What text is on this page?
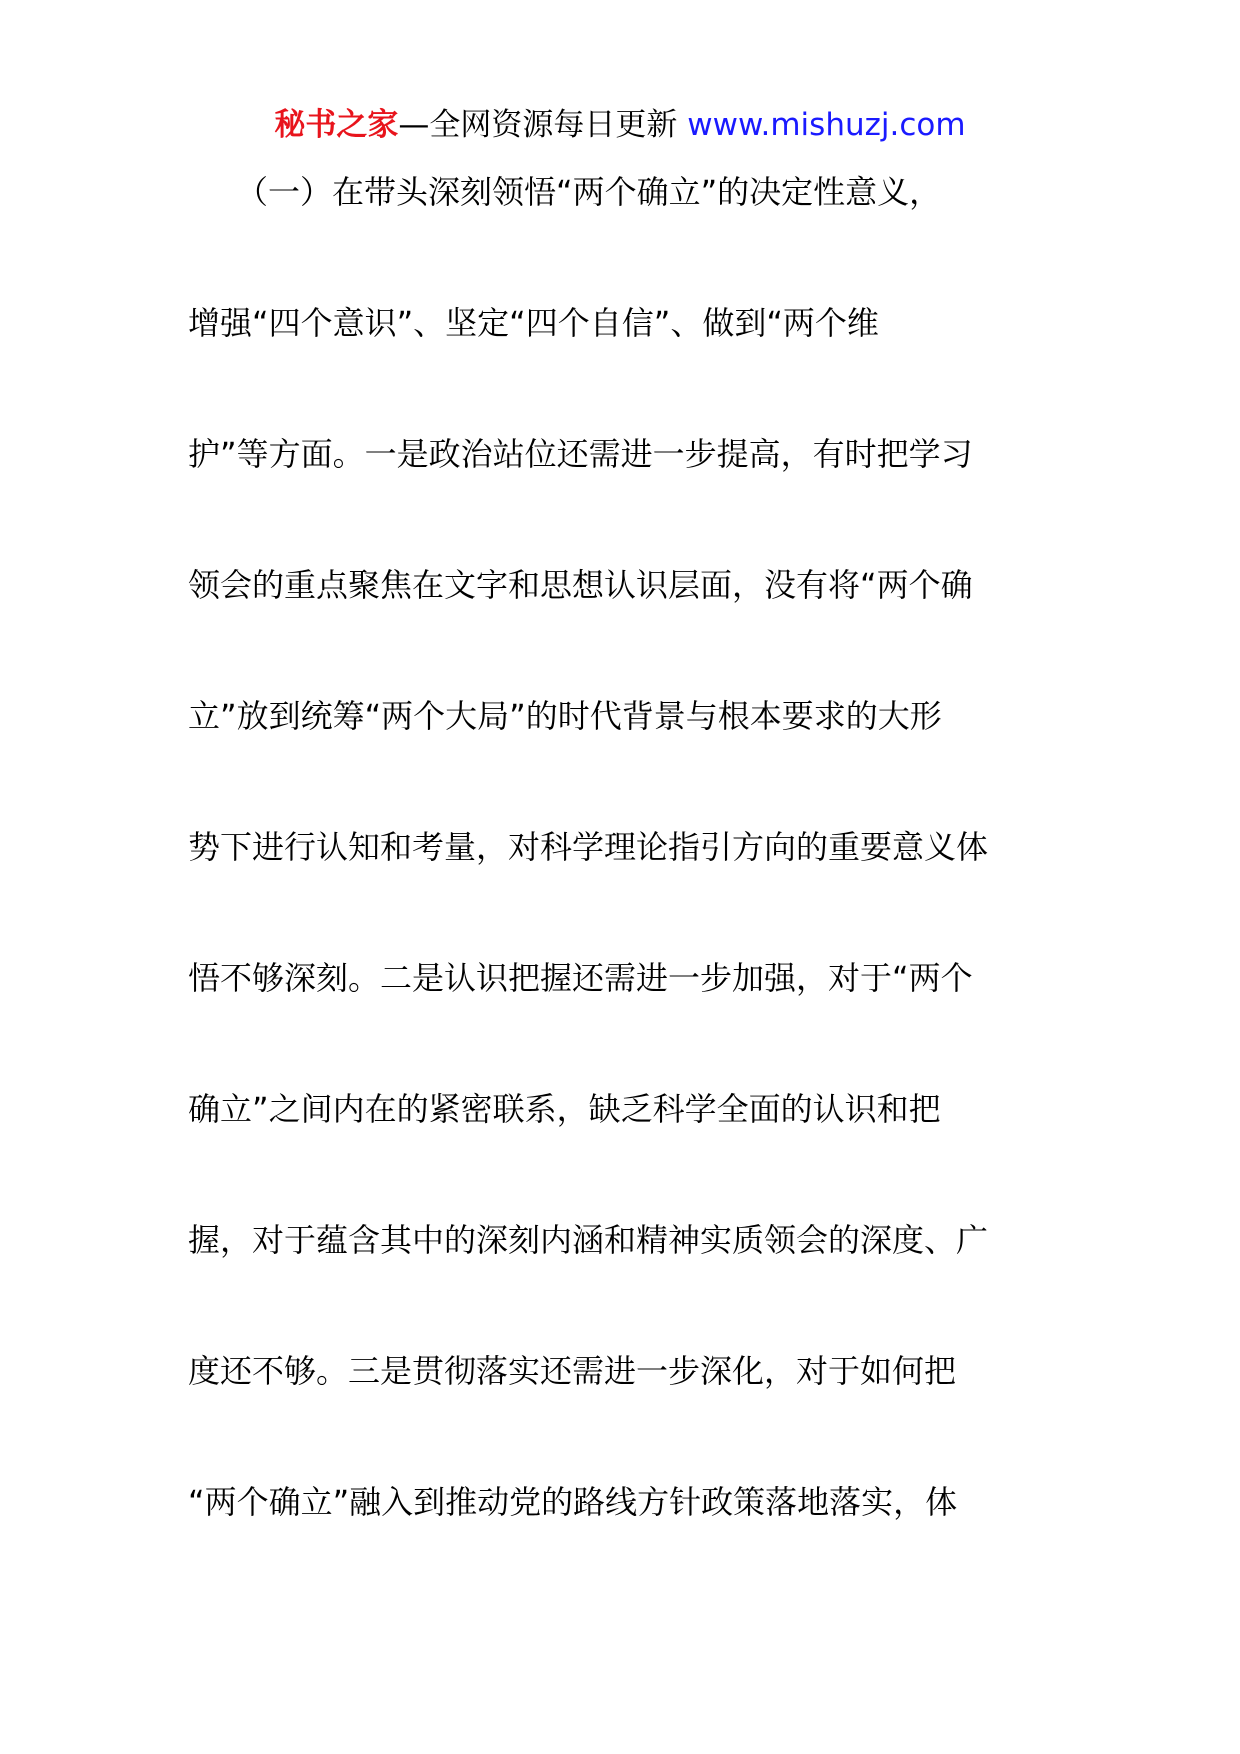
秘书之家—全网资源每日更新 www.mishuzj.com
　　（一）在带头深刻领悟“两个确立”的决定性意义，
增强“四个意识”、坚定“四个自信”、做到“两个维
护”等方面。一是政治站位还需进一步提高，有时把学习
领会的重点聚焦在文字和思想认识层面，没有将“两个确
立”放到统筹“两个大局”的时代背景与根本要求的大形
势下进行认知和考量，对科学理论指引方向的重要意义体
悟不够深刻。二是认识把握还需进一步加强，对于“两个
确立”之间内在的紧密联系，缺乏科学全面的认识和把
握，对于蕴含其中的深刻内涵和精神实质领会的深度、广
度还不够。三是贯彻落实还需进一步深化，对于如何把
“两个确立”融入到推动党的路线方针政策落地落实，体
